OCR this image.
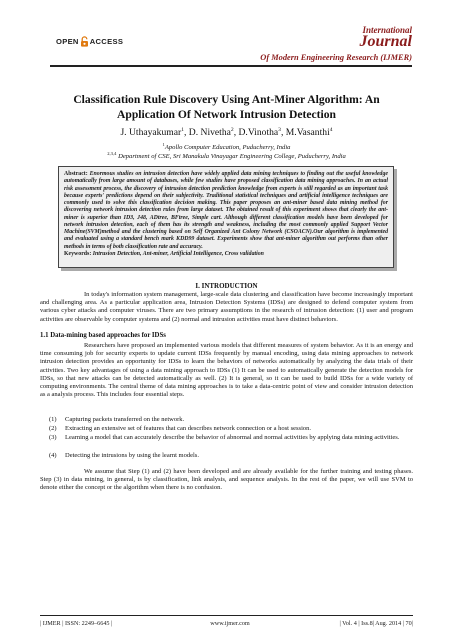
OPEN ACCESS
International
Journal
Of Modern Engineering Research (IJMER)
Classification Rule Discovery Using Ant-Miner Algorithm: An
Application Of Network Intrusion Detection
J. Uthayakumar$^1$, D. Nivetha$^2$, D.Vinotha$^3$, M.Vasanthi$^4$
$^1$Apollo Computer Education, Puducherry, India
$^{2,3,4}$ Department of CSE, Sri Manakula Vinayagar Engineering College, Puducherry, India
Abstract: Enormous studies on intrusion detection have widely applied data mining techniques to finding out the useful knowledge automatically from large amount of databases, while few studies have proposed classification data mining approaches. In an actual risk assessment process, the discovery of intrusion detection prediction knowledge from experts is still regarded as an important task because experts' predictions depend on their subjectivity. Traditional statistical techniques and artificial intelligence techniques are commonly used to solve this classification decision making. This paper proposes an ant-miner based data mining method for discovering network intrusion detection rules from large dataset. The obtained result of this experiment shows that clearly the ant-miner is superior than ID3, J48, ADtree, BFtree, Simple cart. Although different classification models have been developed for network intrusion detection, each of them has its strength and weakness, including the most commonly applied Support Vector Machine(SVM)method and the clustering based on Self Organized Ant Colony Network (CSOACN).Our algorithm is implemented and evaluated using a standard bench mark KDD99 dataset. Experiments show that ant-miner algorithm out performs than other methods in terms of both classification rate and accuracy.
Keywords: Intrusion Detection, Ant-miner, Artificial Intelligence, Cross validation
I. INTRODUCTION
In today's information system management, large-scale data clustering and classification have become increasingly important and challenging area. As a particular application area, Intrusion Detection Systems (IDSs) are designed to defend computer system from various cyber attacks and computer viruses. There are two primary assumptions in the research of intrusion detection: (1) user and program activities are observable by computer systems and (2) normal and intrusion activities must have distinct behaviors.
1.1 Data-mining based approaches for IDSs
Researchers have proposed an implemented various models that different measures of system behavior. As it is an energy and time consuming job for security experts to update current IDSs frequently by manual encoding, using data mining approaches to network intrusion detection provides an opportunity for IDSs to learn the behaviors of networks automatically by analyzing the data trials of their activities. Two key advantages of using a data mining approach to IDSs (1) It can be used to automatically generate the detection models for IDSs, so that new attacks can be detected automatically as well. (2) It is general, so it can be used to build IDSs for a wide variety of computing environments. The central theme of data mining approaches is to take a data-centric point of view and consider intrusion detection as a analysis process. This includes four essential steps.
(1)	Capturing packets transferred on the network.
(2)	Extracting an extensive set of features that can describes network connection or a host session.
(3)	Learning a model that can accurately describe the behavior of abnormal and normal activities by applying data mining activities.
(4)	Detecting the intrusions by using the learnt models.
We assume that Step (1) and (2) have been developed and are already available for the further training and testing phases. Step (3) in data mining, in general, is by classification, link analysis, and sequence analysis. In the rest of the paper, we will use SVM to denote either the concept or the algorithm when there is no confusion.
| IJMER | ISSN: 2249–6645 |	www.ijmer.com	| Vol. 4 | Iss.8| Aug. 2014 | 70|
